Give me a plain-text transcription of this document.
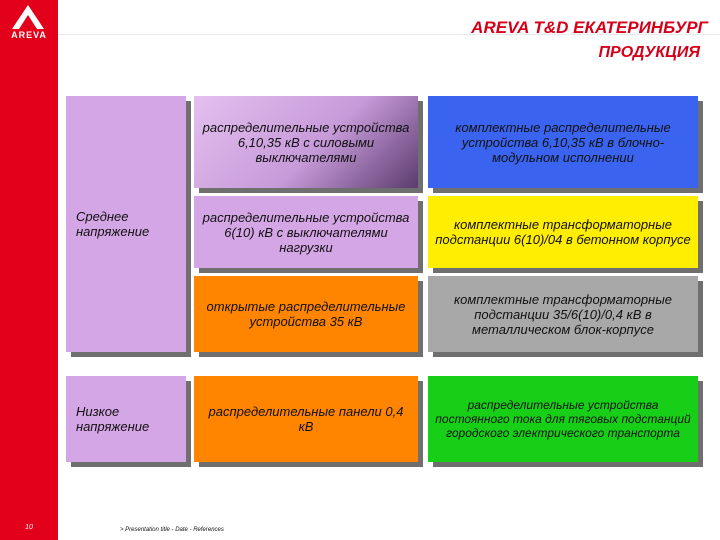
AREVA
10
AREVA T&D ЕКАТЕРИНБУРГ
ПРОДУКЦИЯ
Среднее напряжение
Низкое напряжение
распределительные устройства 6,10,35 кВ с силовыми выключателями
комплектные распределительные устройства 6,10,35 кВ в блочно-модульном исполнении
распределительные устройства 6(10) кВ с выключателями нагрузки
комплектные трансформаторные подстанции 6(10)/04 в бетонном корпусе
открытые распределительные устройства 35 кВ
комплектные трансформаторные подстанции 35/6(10)/0,4 кВ в металлическом блок-корпусе
распределительные панели 0,4 кВ
распределительные устройства постоянного тока для тяговых подстанций городского электрического транспорта
> Presentation title - Date - References
